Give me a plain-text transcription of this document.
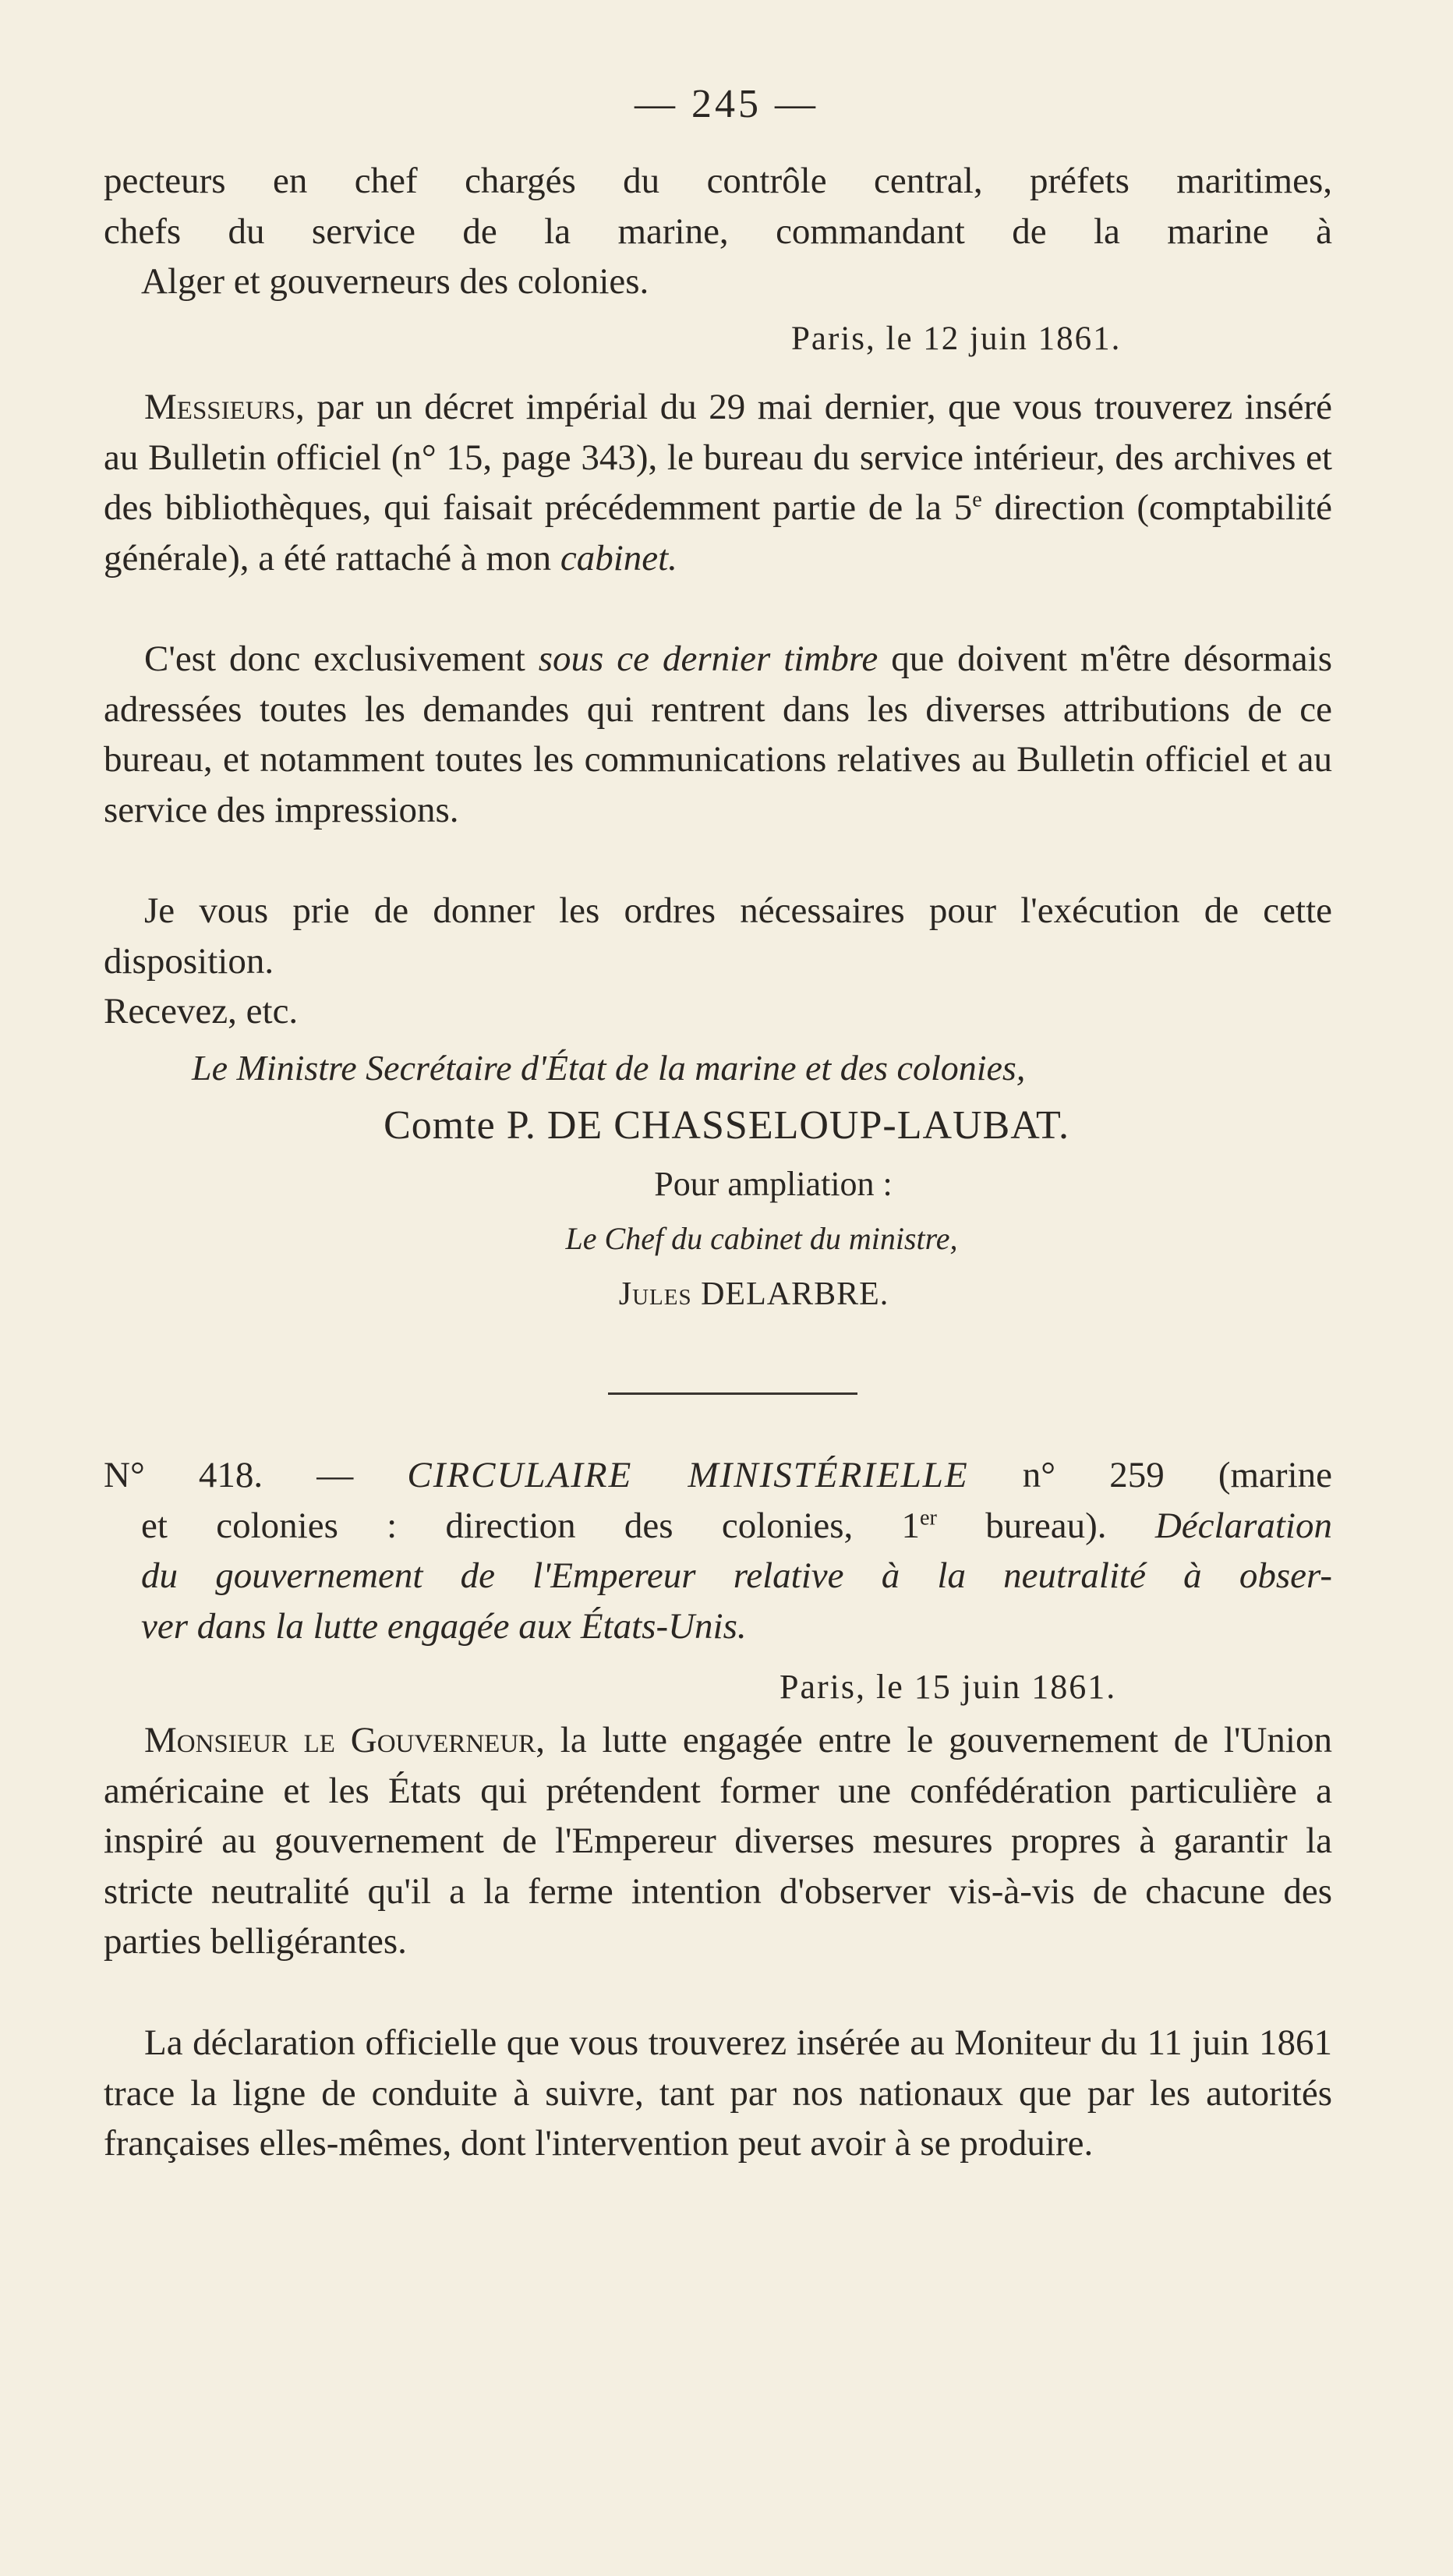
— 245 —
pecteurs en chef chargés du contrôle central, préfets maritimes,
chefs du service de la marine, commandant de la marine à
Alger et gouverneurs des colonies.
Paris, le 12 juin 1861.
Messieurs, par un décret impérial du 29 mai dernier, que vous trouverez inséré au Bulletin officiel (n° 15, page 343), le bureau du service intérieur, des archives et des bibliothèques, qui faisait précédemment partie de la 5e direction (comptabilité générale), a été rattaché à mon cabinet.
C'est donc exclusivement sous ce dernier timbre que doivent m'être désormais adressées toutes les demandes qui rentrent dans les diverses attributions de ce bureau, et notamment toutes les communications relatives au Bulletin officiel et au service des impressions.
Je vous prie de donner les ordres nécessaires pour l'exécution de cette disposition.
Recevez, etc.
Le Ministre Secrétaire d'État de la marine et des colonies,
Comte P. DE CHASSELOUP-LAUBAT.
Pour ampliation :
Le Chef du cabinet du ministre,
Jules DELARBRE.
N° 418. — CIRCULAIRE MINISTÉRIELLE n° 259 (marine
et colonies : direction des colonies, 1er bureau). Déclaration
du gouvernement de l'Empereur relative à la neutralité à obser-
ver dans la lutte engagée aux États-Unis.
Paris, le 15 juin 1861.
Monsieur le Gouverneur, la lutte engagée entre le gouvernement de l'Union américaine et les États qui prétendent former une confédération particulière a inspiré au gouvernement de l'Empereur diverses mesures propres à garantir la stricte neutralité qu'il a la ferme intention d'observer vis-à-vis de chacune des parties belligérantes.
La déclaration officielle que vous trouverez insérée au Moniteur du 11 juin 1861 trace la ligne de conduite à suivre, tant par nos nationaux que par les autorités françaises elles-mêmes, dont l'intervention peut avoir à se produire.
